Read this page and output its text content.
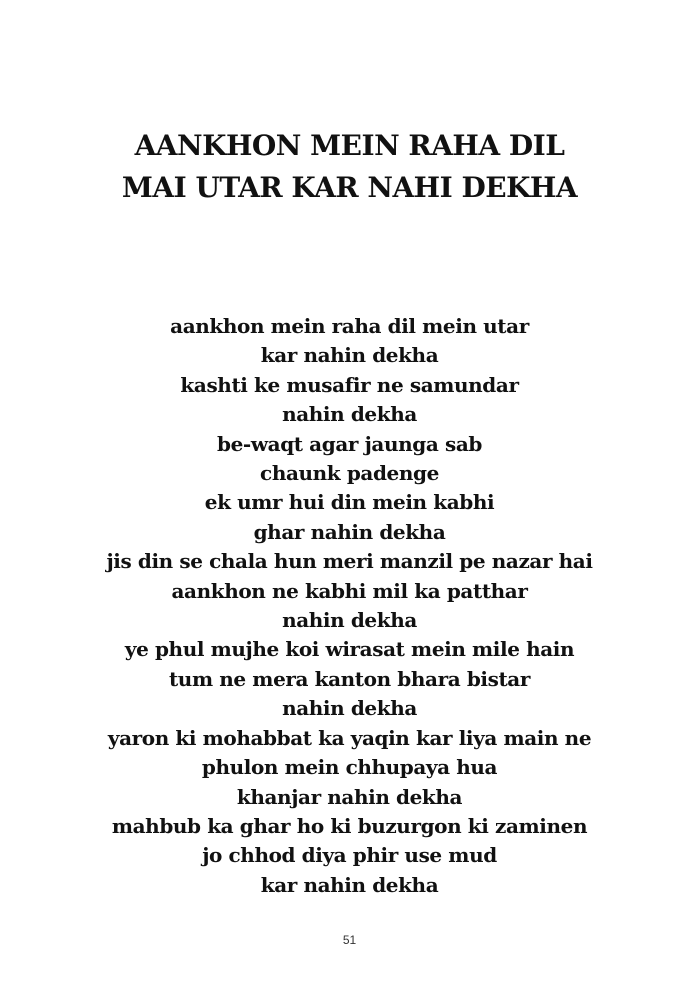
AANKHON MEIN RAHA DIL
MAI UTAR KAR NAHI DEKHA
aankhon mein raha dil mein utar
kar nahin dekha
kashti ke musafir ne samundar
nahin dekha
be-waqt agar jaunga sab
chaunk padenge
ek umr hui din mein kabhi
ghar nahin dekha
jis din se chala hun meri manzil pe nazar hai
aankhon ne kabhi mil ka patthar
nahin dekha
ye phul mujhe koi wirasat mein mile hain
tum ne mera kanton bhara bistar
nahin dekha
yaron ki mohabbat ka yaqin kar liya main ne
phulon mein chhupaya hua
khanjar nahin dekha
mahbub ka ghar ho ki buzurgon ki zaminen
jo chhod diya phir use mud
kar nahin dekha
51
